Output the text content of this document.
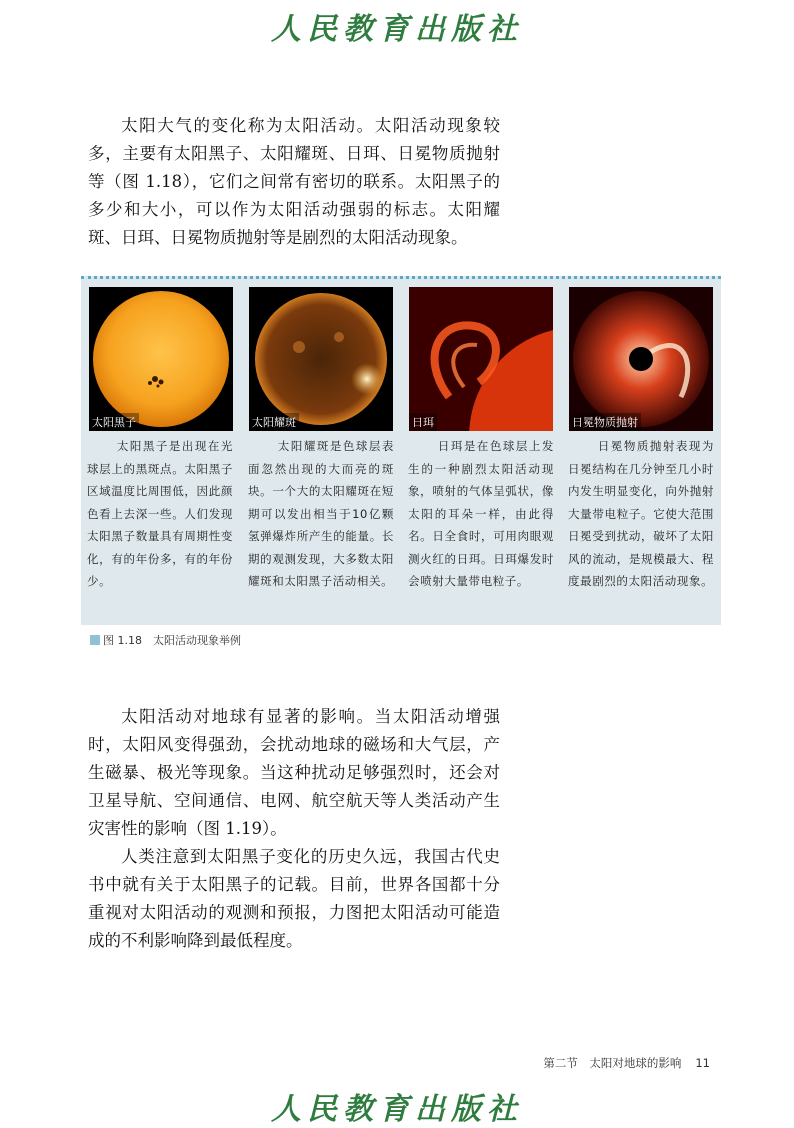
人民教育出版社

太阳大气的变化称为太阳活动。太阳活动现象较多，主要有太阳黑子、太阳耀斑、日珥、日冕物质抛射等（图 1.18），它们之间常有密切的联系。太阳黑子的多少和大小，可以作为太阳活动强弱的标志。太阳耀斑、日珥、日冕物质抛射等是剧烈的太阳活动现象。

太阳黑子	太阳耀斑	日珥	日冕物质抛射
太阳黑子是出现在光球层上的黑斑点。太阳黑子区域温度比周围低，因此颜色看上去深一些。人们发现太阳黑子数量具有周期性变化，有的年份多，有的年份少。
太阳耀斑是色球层表面忽然出现的大而亮的斑块。一个大的太阳耀斑在短期可以发出相当于10亿颗氢弹爆炸所产生的能量。长期的观测发现，大多数太阳耀斑和太阳黑子活动相关。
日珥是在色球层上发生的一种剧烈太阳活动现象，喷射的气体呈弧状，像太阳的耳朵一样，由此得名。日全食时，可用肉眼观测火红的日珥。日珥爆发时会喷射大量带电粒子。
日冕物质抛射表现为日冕结构在几分钟至几小时内发生明显变化，向外抛射大量带电粒子。它使大范围日冕受到扰动，破坏了太阳风的流动，是规模最大、程度最剧烈的太阳活动现象。
图 1.18　太阳活动现象举例

太阳活动对地球有显著的影响。当太阳活动增强时，太阳风变得强劲，会扰动地球的磁场和大气层，产生磁暴、极光等现象。当这种扰动足够强烈时，还会对卫星导航、空间通信、电网、航空航天等人类活动产生灾害性的影响（图 1.19）。

人类注意到太阳黑子变化的历史久远，我国古代史书中就有关于太阳黑子的记载。目前，世界各国都十分重视对太阳活动的观测和预报，力图把太阳活动可能造成的不利影响降到最低程度。

第二节　太阳对地球的影响 11
人民教育出版社
